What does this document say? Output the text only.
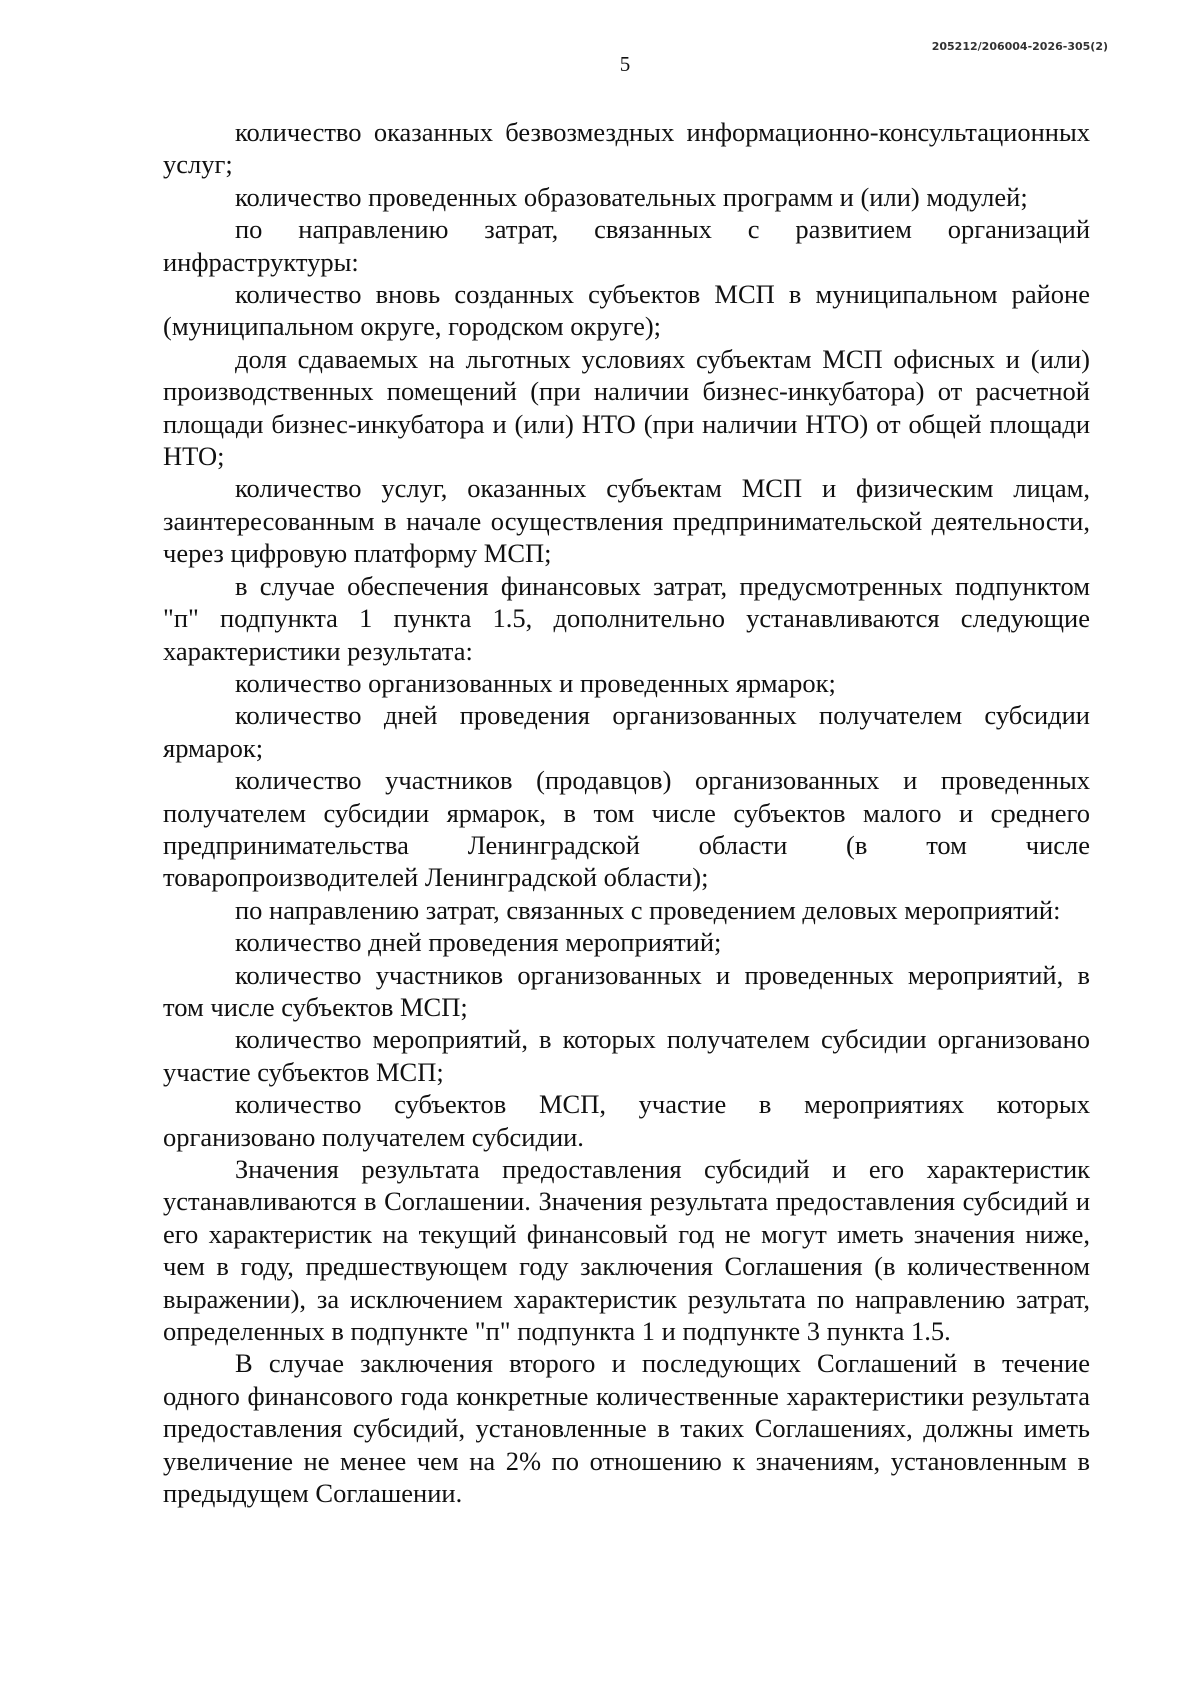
205212/206004-2026-305(2)
5

количество оказанных безвозмездных информационно-консультационных услуг;

количество проведенных образовательных программ и (или) модулей;

по направлению затрат, связанных с развитием организаций инфраструктуры:

количество вновь созданных субъектов МСП в муниципальном районе (муниципальном округе, городском округе);

доля сдаваемых на льготных условиях субъектам МСП офисных и (или) производственных помещений (при наличии бизнес-инкубатора) от расчетной площади бизнес-инкубатора и (или) НТО (при наличии НТО) от общей площади НТО;

количество услуг, оказанных субъектам МСП и физическим лицам, заинтересованным в начале осуществления предпринимательской деятельности, через цифровую платформу МСП;

в случае обеспечения финансовых затрат, предусмотренных подпунктом "п" подпункта 1 пункта 1.5, дополнительно устанавливаются следующие характеристики результата:

количество организованных и проведенных ярмарок;

количество дней проведения организованных получателем субсидии ярмарок;

количество участников (продавцов) организованных и проведенных получателем субсидии ярмарок, в том числе субъектов малого и среднего предпринимательства Ленинградской области (в том числе товаропроизводителей Ленинградской области);

по направлению затрат, связанных с проведением деловых мероприятий:

количество дней проведения мероприятий;

количество участников организованных и проведенных мероприятий, в том числе субъектов МСП;

количество мероприятий, в которых получателем субсидии организовано участие субъектов МСП;

количество субъектов МСП, участие в мероприятиях которых организовано получателем субсидии.

Значения результата предоставления субсидий и его характеристик устанавливаются в Соглашении. Значения результата предоставления субсидий и его характеристик на текущий финансовый год не могут иметь значения ниже, чем в году, предшествующем году заключения Соглашения (в количественном выражении), за исключением характеристик результата по направлению затрат, определенных в подпункте "п" подпункта 1 и подпункте 3 пункта 1.5.

В случае заключения второго и последующих Соглашений в течение одного финансового года конкретные количественные характеристики результата предоставления субсидий, установленные в таких Соглашениях, должны иметь увеличение не менее чем на 2% по отношению к значениям, установленным в предыдущем Соглашении.
